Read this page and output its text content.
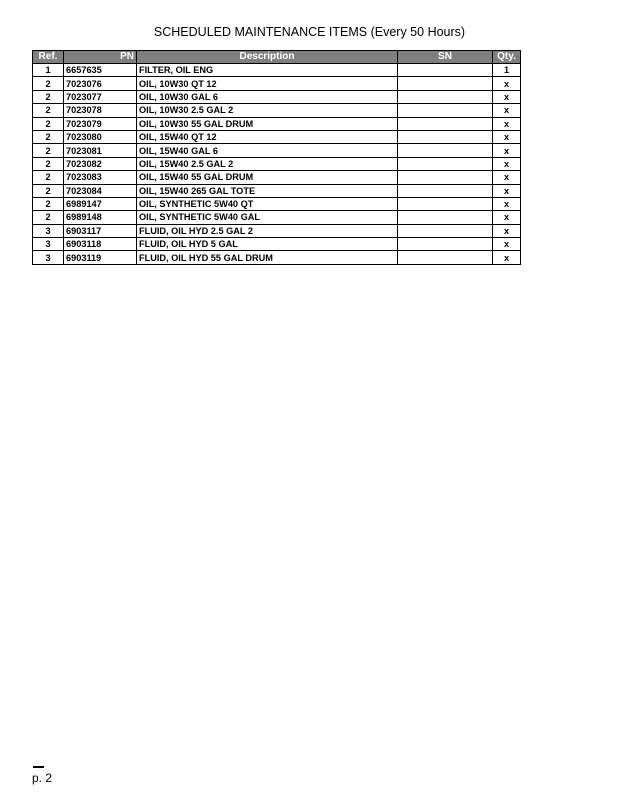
SCHEDULED MAINTENANCE ITEMS (Every 50 Hours)
Ref.	PN	Description	SN	Qty.
1	6657635	FILTER, OIL ENG		1
2	7023076	OIL, 10W30 QT 12		x
2	7023077	OIL, 10W30 GAL 6		x
2	7023078	OIL, 10W30 2.5 GAL 2		x
2	7023079	OIL, 10W30 55 GAL DRUM		x
2	7023080	OIL, 15W40 QT 12		x
2	7023081	OIL, 15W40 GAL 6		x
2	7023082	OIL, 15W40 2.5 GAL 2		x
2	7023083	OIL, 15W40 55 GAL DRUM		x
2	7023084	OIL, 15W40 265 GAL TOTE		x
2	6989147	OIL, SYNTHETIC 5W40 QT		x
2	6989148	OIL, SYNTHETIC 5W40 GAL		x
3	6903117	FLUID, OIL HYD 2.5 GAL 2		x
3	6903118	FLUID, OIL HYD 5 GAL		x
3	6903119	FLUID, OIL HYD 55 GAL DRUM		x
p. 2
